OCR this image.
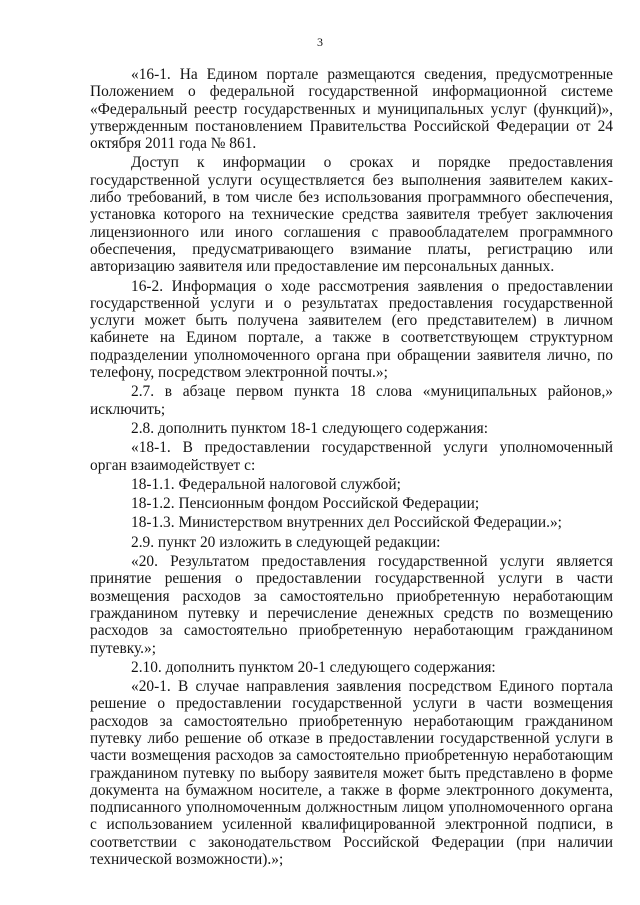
3

«16-1. На Едином портале размещаются сведения, предусмотренные Положением о федеральной государственной информационной системе «Федеральный реестр государственных и муниципальных услуг (функций)», утвержденным постановлением Правительства Российской Федерации от 24 октября 2011 года № 861.

Доступ к информации о сроках и порядке предоставления государственной услуги осуществляется без выполнения заявителем каких-либо требований, в том числе без использования программного обеспечения, установка которого на технические средства заявителя требует заключения лицензионного или иного соглашения с правообладателем программного обеспечения, предусматривающего взимание платы, регистрацию или авторизацию заявителя или предоставление им персональных данных.

16-2. Информация о ходе рассмотрения заявления о предоставлении государственной услуги и о результатах предоставления государственной услуги может быть получена заявителем (его представителем) в личном кабинете на Едином портале, а также в соответствующем структурном подразделении уполномоченного органа при обращении заявителя лично, по телефону, посредством электронной почты.»;

2.7. в абзаце первом пункта 18 слова «муниципальных районов,» исключить;

2.8. дополнить пунктом 18-1 следующего содержания:

«18-1. В предоставлении государственной услуги уполномоченный орган взаимодействует с:

18-1.1. Федеральной налоговой службой;

18-1.2. Пенсионным фондом Российской Федерации;

18-1.3. Министерством внутренних дел Российской Федерации.»;

2.9. пункт 20 изложить в следующей редакции:

«20. Результатом предоставления государственной услуги является принятие решения о предоставлении государственной услуги в части возмещения расходов за самостоятельно приобретенную неработающим гражданином путевку и перечисление денежных средств по возмещению расходов за самостоятельно приобретенную неработающим гражданином путевку.»;

2.10. дополнить пунктом 20-1 следующего содержания:

«20-1. В случае направления заявления посредством Единого портала решение о предоставлении государственной услуги в части возмещения расходов за самостоятельно приобретенную неработающим гражданином путевку либо решение об отказе в предоставлении государственной услуги в части возмещения расходов за самостоятельно приобретенную неработающим гражданином путевку по выбору заявителя может быть представлено в форме документа на бумажном носителе, а также в форме электронного документа, подписанного уполномоченным должностным лицом уполномоченного органа с использованием усиленной квалифицированной электронной подписи, в соответствии с законодательством Российской Федерации (при наличии технической возможности).»;
